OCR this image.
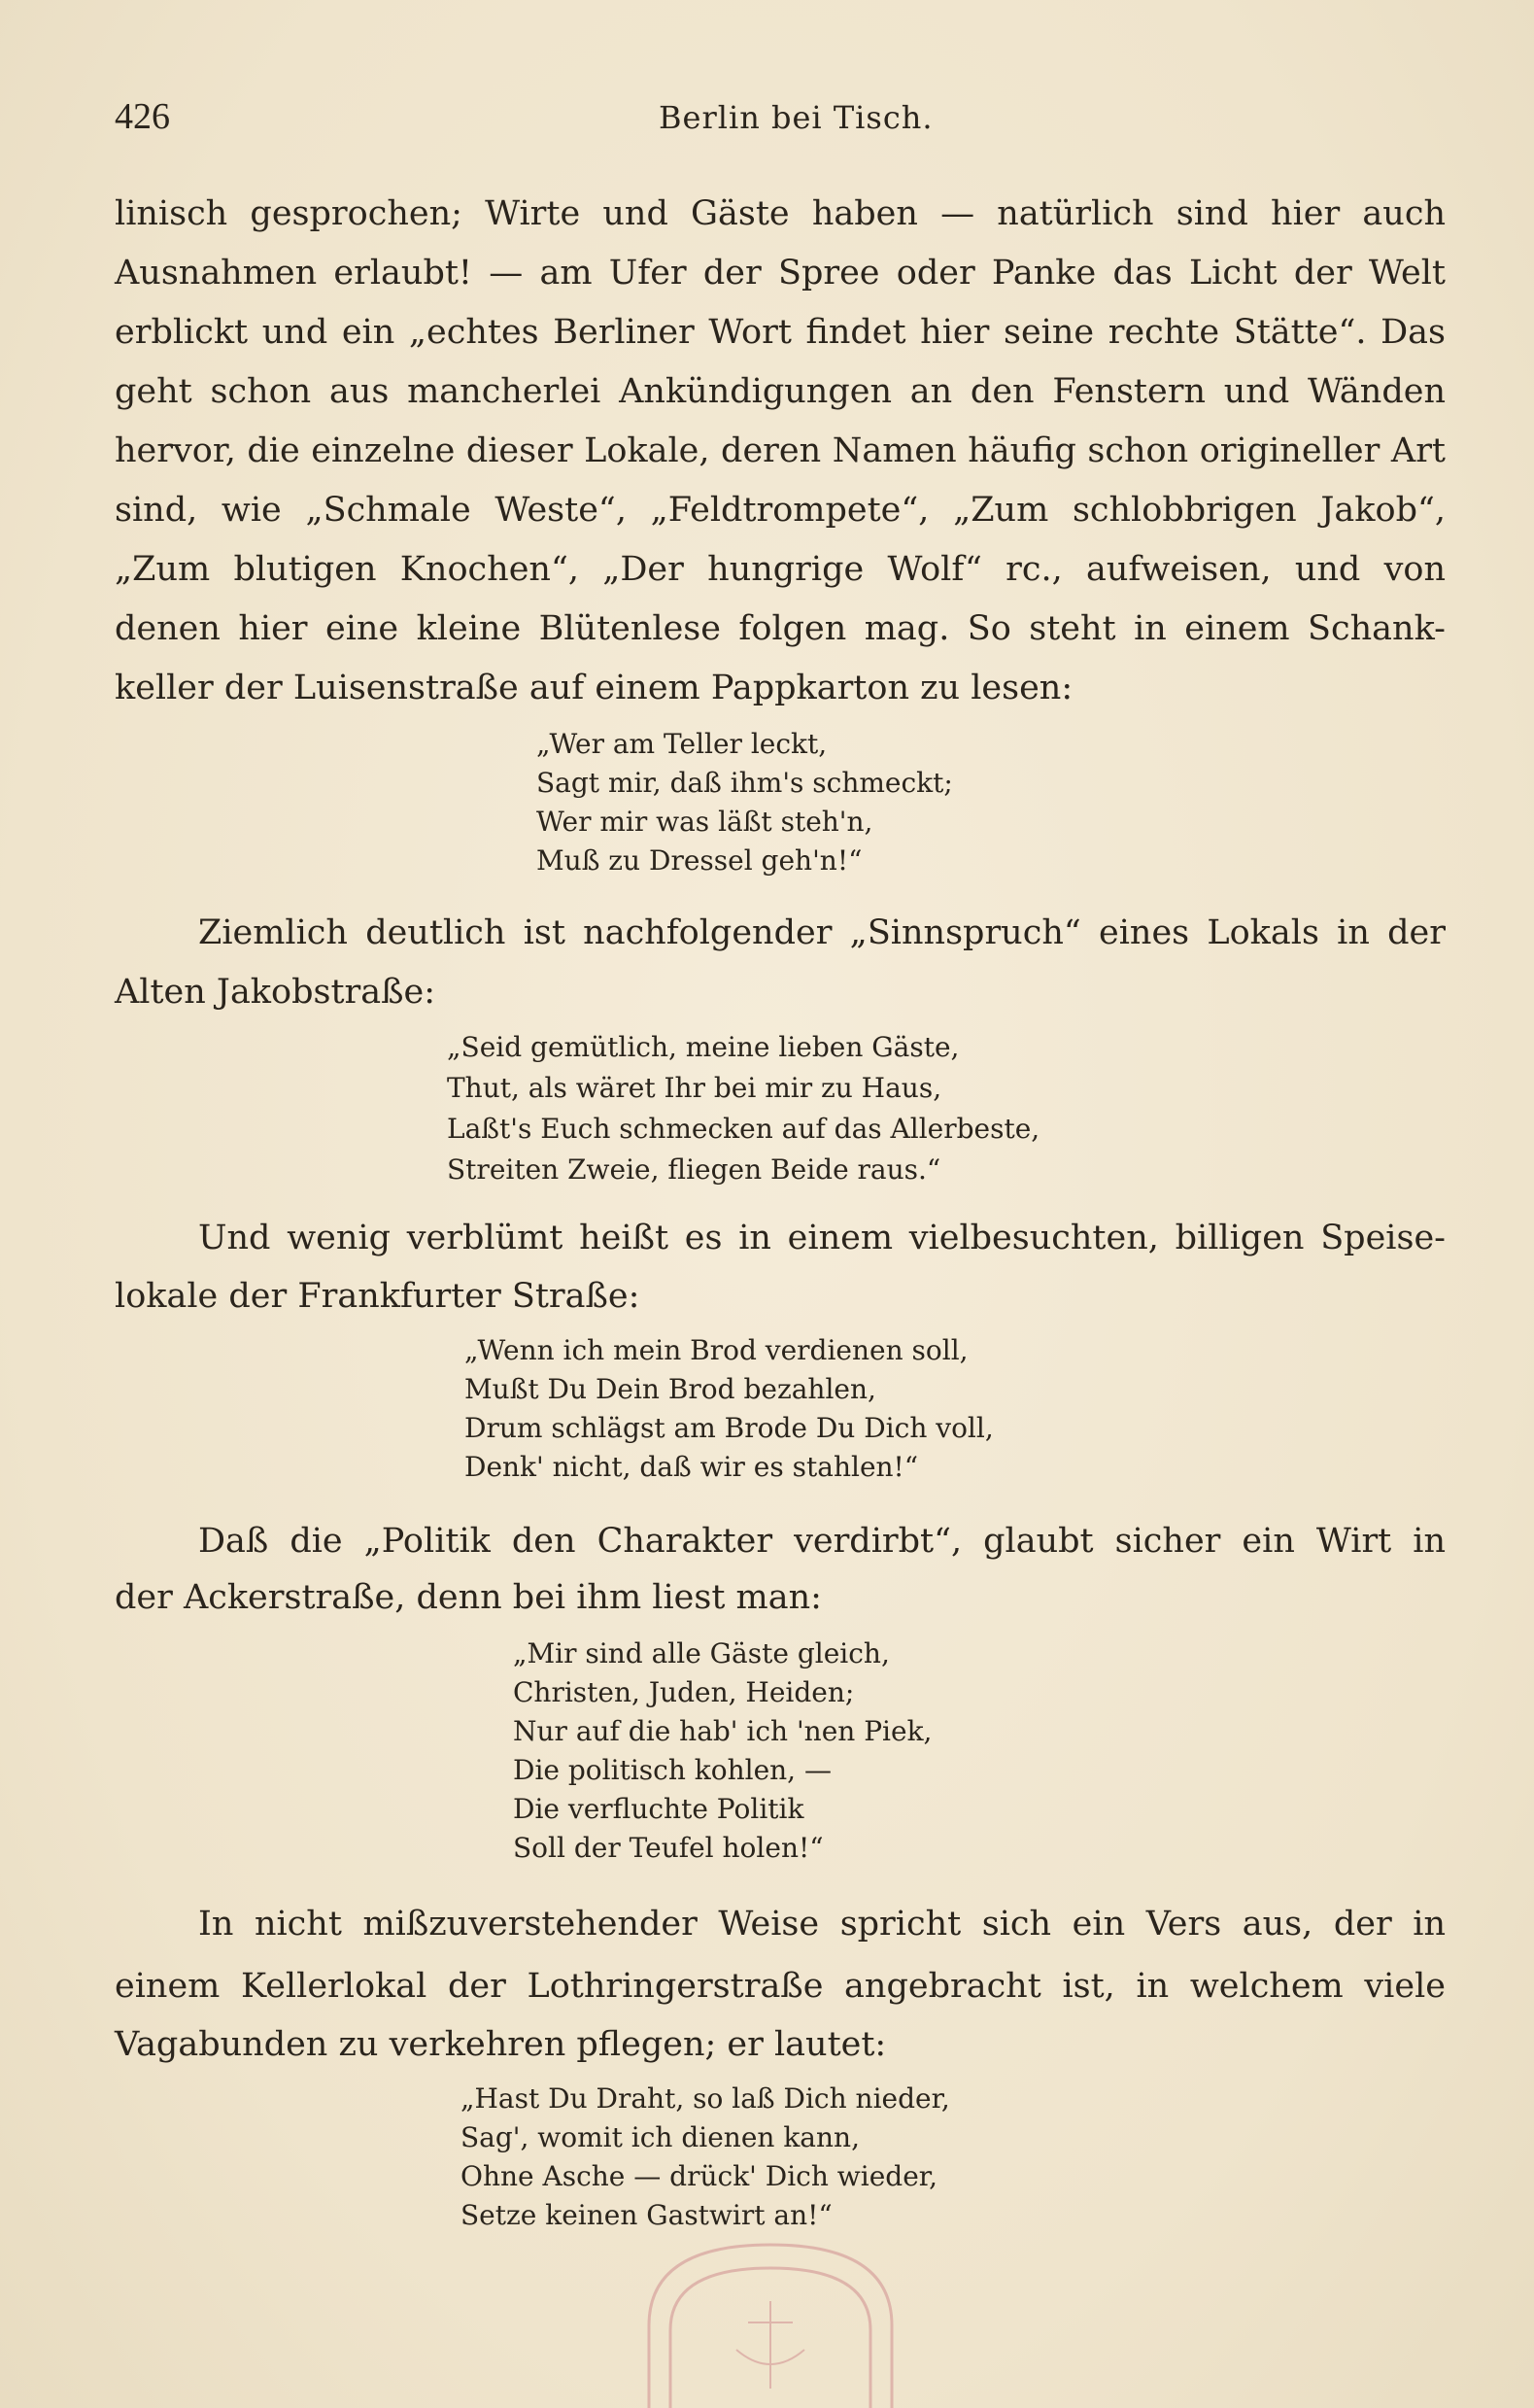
426	Berlin bei Tisch.
linisch gesprochen; Wirte und Gäste haben — natürlich sind hier auch
Ausnahmen erlaubt! — am Ufer der Spree oder Panke das Licht der Welt
erblickt und ein „echtes Berliner Wort findet hier seine rechte Stätte“. Das
geht schon aus mancherlei Ankündigungen an den Fenstern und Wänden
hervor, die einzelne dieser Lokale, deren Namen häufig schon origineller Art
sind, wie „Schmale Weste“, „Feldtrompete“, „Zum schlobbrigen Jakob“,
„Zum blutigen Knochen“, „Der hungrige Wolf“ rc., aufweisen, und von
denen hier eine kleine Blütenlese folgen mag. So steht in einem Schank-
keller der Luisenstraße auf einem Pappkarton zu lesen:
„Wer am Teller leckt,
Sagt mir, daß ihm's schmeckt;
Wer mir was läßt steh'n,
Muß zu Dressel geh'n!“
Ziemlich deutlich ist nachfolgender „Sinnspruch“ eines Lokals in der
Alten Jakobstraße:
„Seid gemütlich, meine lieben Gäste,
Thut, als wäret Ihr bei mir zu Haus,
Laßt's Euch schmecken auf das Allerbeste,
Streiten Zweie, fliegen Beide raus.“
Und wenig verblümt heißt es in einem vielbesuchten, billigen Speise-
lokale der Frankfurter Straße:
„Wenn ich mein Brod verdienen soll,
Mußt Du Dein Brod bezahlen,
Drum schlägst am Brode Du Dich voll,
Denk' nicht, daß wir es stahlen!“
Daß die „Politik den Charakter verdirbt“, glaubt sicher ein Wirt in
der Ackerstraße, denn bei ihm liest man:
„Mir sind alle Gäste gleich,
Christen, Juden, Heiden;
Nur auf die hab' ich 'nen Piek,
Die politisch kohlen, —
Die verfluchte Politik
Soll der Teufel holen!“
In nicht mißzuverstehender Weise spricht sich ein Vers aus, der in
einem Kellerlokal der Lothringerstraße angebracht ist, in welchem viele
Vagabunden zu verkehren pflegen; er lautet:
„Hast Du Draht, so laß Dich nieder,
Sag', womit ich dienen kann,
Ohne Asche — drück' Dich wieder,
Setze keinen Gastwirt an!“
